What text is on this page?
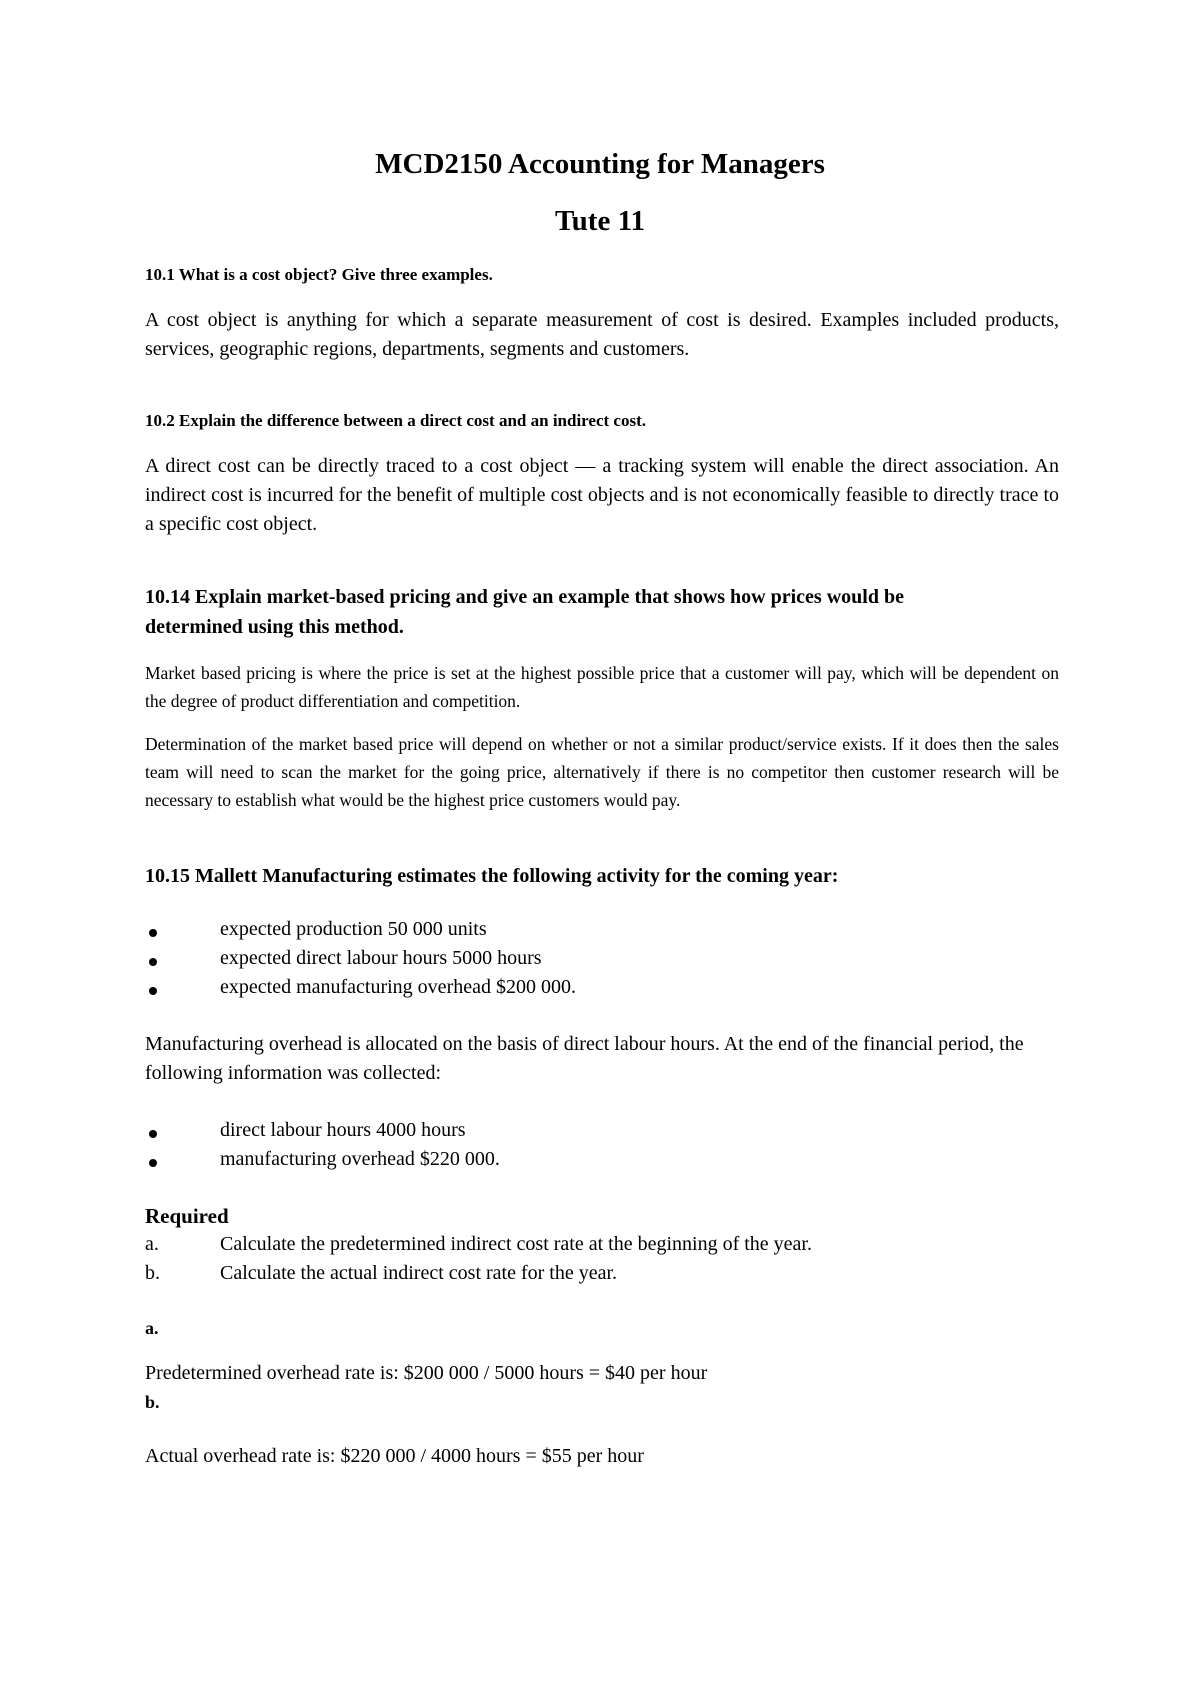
MCD2150 Accounting for Managers
Tute 11
10.1 What is a cost object? Give three examples.

A cost object is anything for which a separate measurement of cost is desired. Examples included products, services, geographic regions, departments, segments and customers.

10.2 Explain the difference between a direct cost and an indirect cost.

A direct cost can be directly traced to a cost object — a tracking system will enable the direct association. An indirect cost is incurred for the benefit of multiple cost objects and is not economically feasible to directly trace to a specific cost object.

10.14 Explain market-based pricing and give an example that shows how prices would be
determined using this method.

Market based pricing is where the price is set at the highest possible price that a customer will pay, which will be dependent on the degree of product differentiation and competition.

Determination of the market based price will depend on whether or not a similar product/service exists. If it does then the sales team will need to scan the market for the going price, alternatively if there is no competitor then customer research will be necessary to establish what would be the highest price customers would pay.

10.15 Mallett Manufacturing estimates the following activity for the coming year:
expected production 50 000 units
expected direct labour hours 5000 hours
expected manufacturing overhead $200 000.

Manufacturing overhead is allocated on the basis of direct labour hours. At the end of the financial period, the following information was collected:

direct labour hours 4000 hours
manufacturing overhead $220 000.
Required
a.	Calculate the predetermined indirect cost rate at the beginning of the year.
b.	Calculate the actual indirect cost rate for the year.
a.
Predetermined overhead rate is: $200 000 / 5000 hours = $40 per hour
b.
Actual overhead rate is: $220 000 / 4000 hours = $55 per hour
